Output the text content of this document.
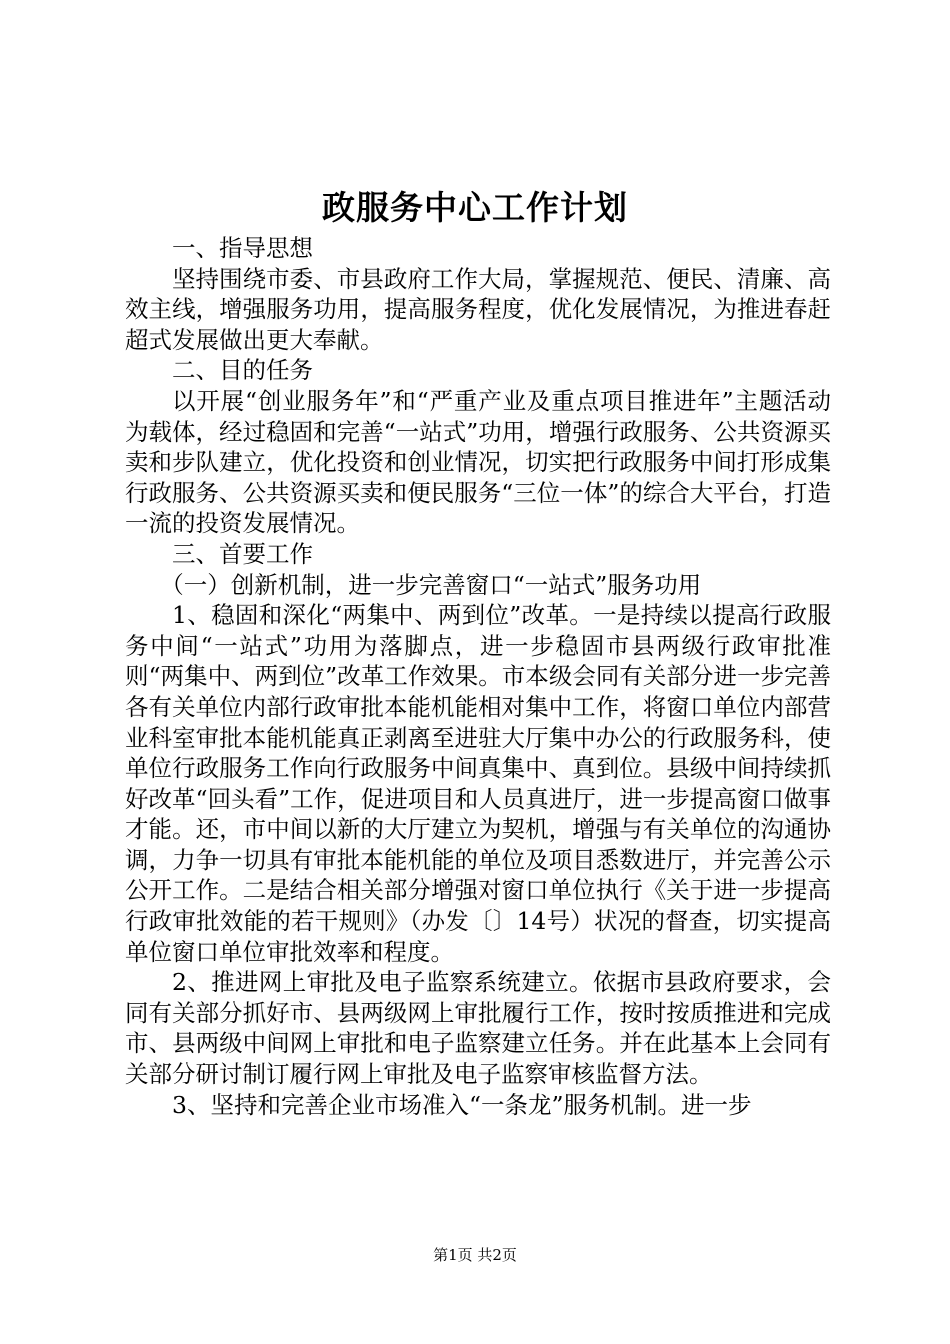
政服务中心工作计划

一、指导思想

坚持围绕市委、市县政府工作大局，掌握规范、便民、清廉、高效主线，增强服务功用，提高服务程度，优化发展情况，为推进春赶超式发展做出更大奉献。

二、目的任务

以开展“创业服务年”和“严重产业及重点项目推进年”主题活动为载体，经过稳固和完善“一站式”功用，增强行政服务、公共资源买卖和步队建立，优化投资和创业情况，切实把行政服务中间打形成集行政服务、公共资源买卖和便民服务“三位一体”的综合大平台，打造一流的投资发展情况。

三、首要工作

（一）创新机制，进一步完善窗口“一站式”服务功用

1、稳固和深化“两集中、两到位”改革。一是持续以提高行政服务中间“一站式”功用为落脚点，进一步稳固市县两级行政审批准则“两集中、两到位”改革工作效果。市本级会同有关部分进一步完善各有关单位内部行政审批本能机能相对集中工作，将窗口单位内部营业科室审批本能机能真正剥离至进驻大厅集中办公的行政服务科，使单位行政服务工作向行政服务中间真集中、真到位。县级中间持续抓好改革“回头看”工作，促进项目和人员真进厅，进一步提高窗口做事才能。还，市中间以新的大厅建立为契机，增强与有关单位的沟通协调，力争一切具有审批本能机能的单位及项目悉数进厅，并完善公示公开工作。二是结合相关部分增强对窗口单位执行《关于进一步提高行政审批效能的若干规则》（办发〔〕14号）状况的督查，切实提高单位窗口单位审批效率和程度。

2、推进网上审批及电子监察系统建立。依据市县政府要求，会同有关部分抓好市、县两级网上审批履行工作，按时按质推进和完成市、县两级中间网上审批和电子监察建立任务。并在此基本上会同有关部分研讨制订履行网上审批及电子监察审核监督方法。

3、坚持和完善企业市场准入“一条龙”服务机制。进一步

第1页 共2页
